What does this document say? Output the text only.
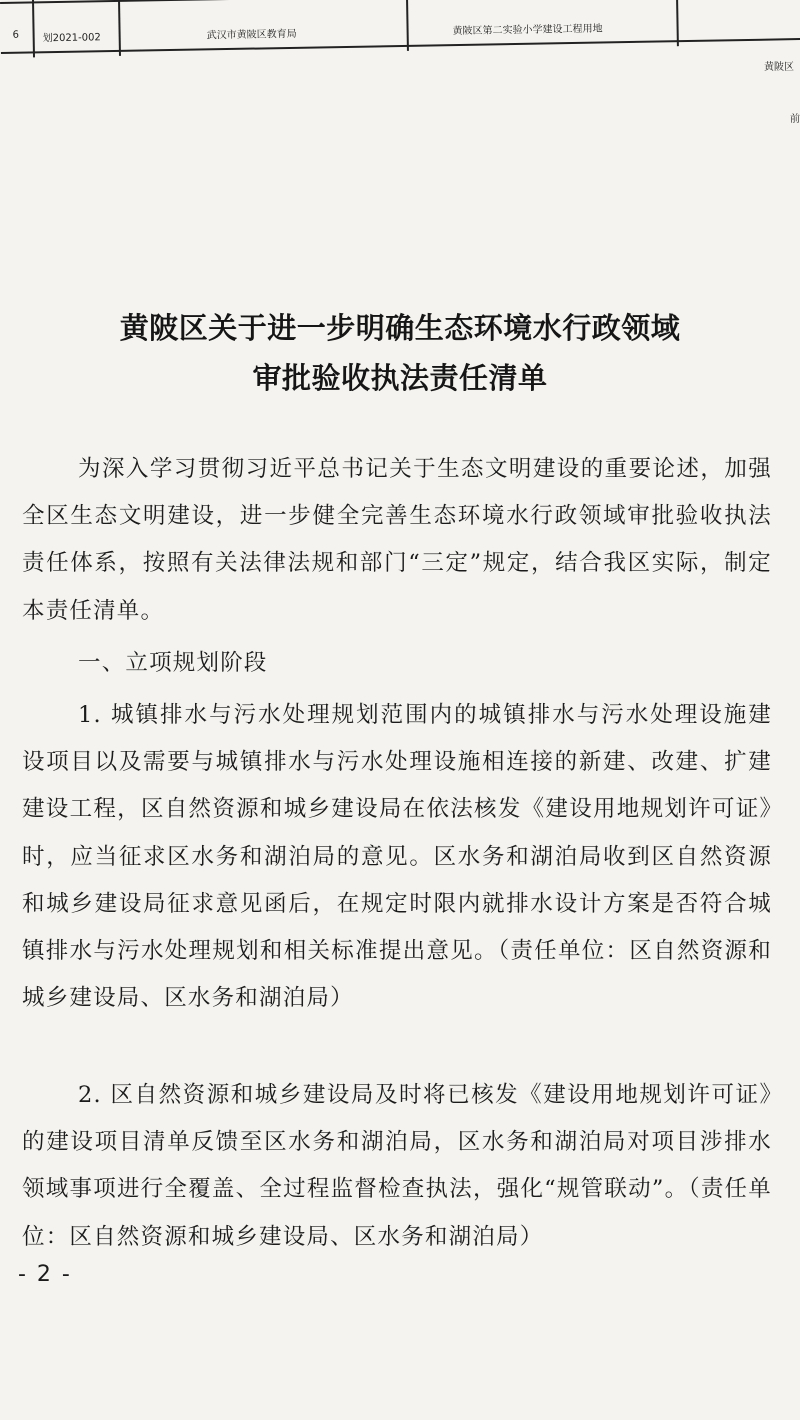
6 划2021-002	武汉市黄陂区教育局	黄陂区第二实验小学建设工程用地
黄陂区
前
黄陂区关于进一步明确生态环境水行政领域
审批验收执法责任清单

为深入学习贯彻习近平总书记关于生态文明建设的重要论述，加强全区生态文明建设，进一步健全完善生态环境水行政领域审批验收执法责任体系，按照有关法律法规和部门“三定”规定，结合我区实际，制定本责任清单。

一、立项规划阶段

1. 城镇排水与污水处理规划范围内的城镇排水与污水处理设施建设项目以及需要与城镇排水与污水处理设施相连接的新建、改建、扩建建设工程，区自然资源和城乡建设局在依法核发《建设用地规划许可证》时，应当征求区水务和湖泊局的意见。区水务和湖泊局收到区自然资源和城乡建设局征求意见函后，在规定时限内就排水设计方案是否符合城镇排水与污水处理规划和相关标准提出意见。（责任单位：区自然资源和城乡建设局、区水务和湖泊局）

2. 区自然资源和城乡建设局及时将已核发《建设用地规划许可证》的建设项目清单反馈至区水务和湖泊局，区水务和湖泊局对项目涉排水领域事项进行全覆盖、全过程监督检查执法，强化“规管联动”。（责任单位：区自然资源和城乡建设局、区水务和湖泊局）

- 2 -
